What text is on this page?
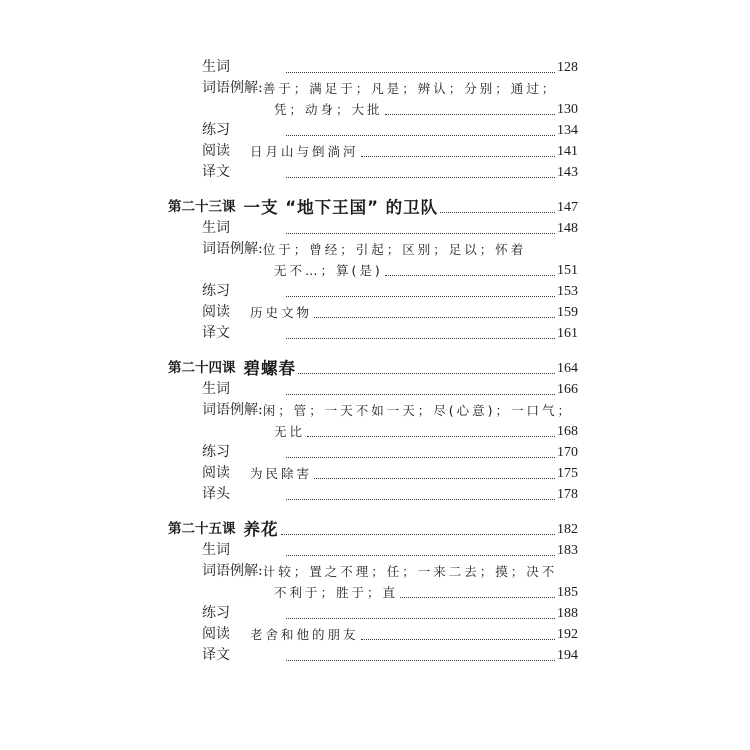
生词	128
词语例解: 善于；满足于；凡是；辨认；分别；通过；
凭；动身；大批	130
练习	134
阅读	日月山与倒淌河	141
译文	143
第二十三课 一支 “地下王国” 的卫队	147
生词	148
词语例解: 位于；曾经；引起；区别；足以；怀着
无不…；算(是)	151
练习	153
阅读	历史文物	159
译文	161
第二十四课 碧螺春	164
生词	166
词语例解: 闲；管；一天不如一天；尽(心意)；一口气；
无比	168
练习	170
阅读	为民除害	175
译头	178
第二十五课 养花	182
生词	183
词语例解: 计较；置之不理；任；一来二去；摸；决不
不利于；胜于；直	185
练习	188
阅读	老舍和他的朋友	192
译文	194
